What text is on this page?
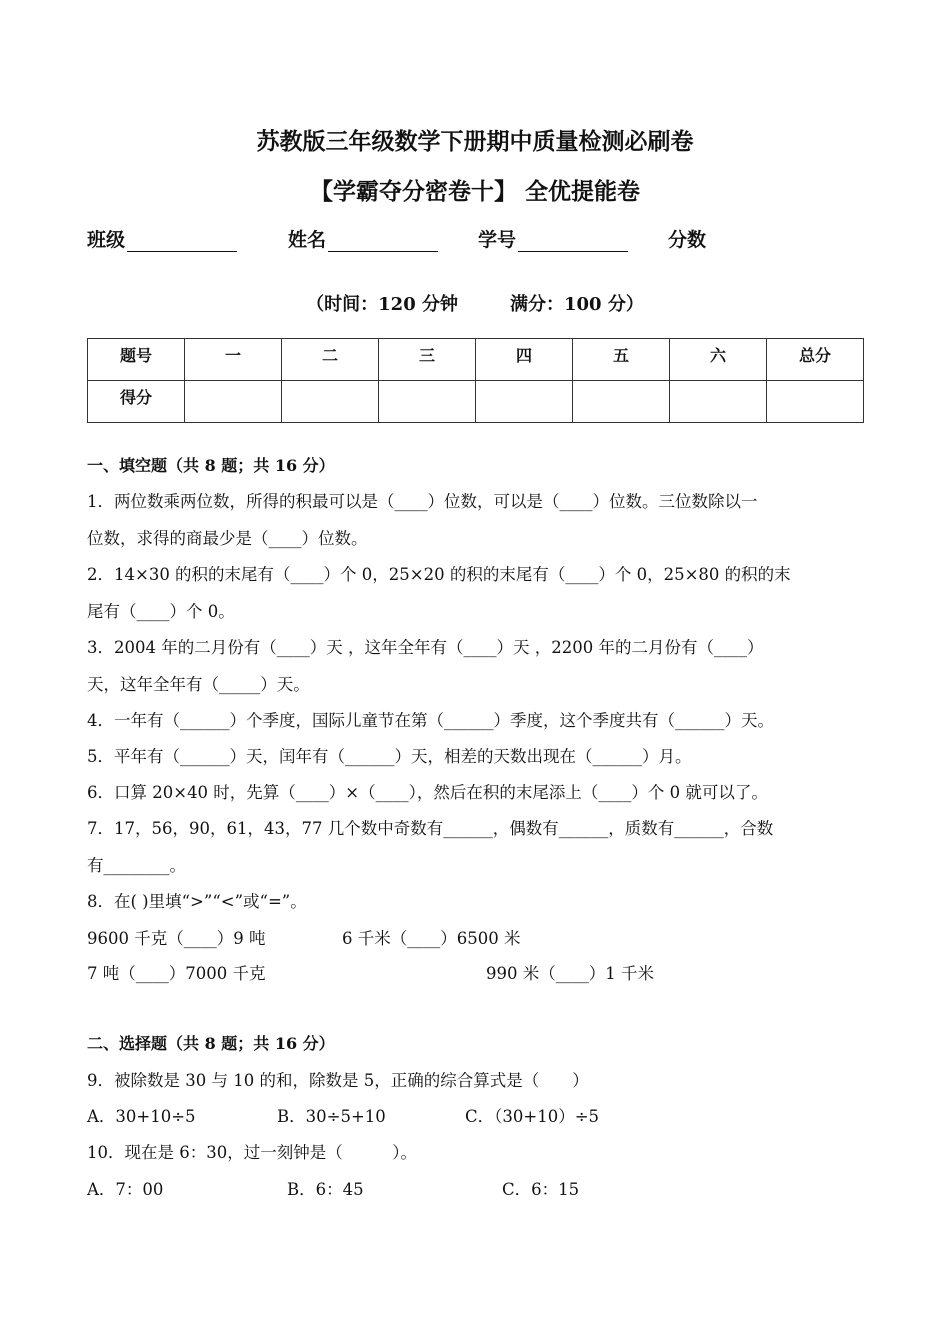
苏教版三年级数学下册期中质量检测必刷卷
【学霸夺分密卷十】 全优提能卷
班级	姓名	学号	分数
（时间：120 分钟	满分：100 分）
题号	一	二	三	四	五	六	总分
得分							
一、填空题（共 8 题；共 16 分）
1．两位数乘两位数，所得的积最可以是（____）位数，可以是（____）位数。三位数除以一
位数，求得的商最少是（____）位数。
2．14×30 的积的末尾有（____）个 0，25×20 的积的末尾有（____）个 0，25×80 的积的末
尾有（____）个 0。
3．2004 年的二月份有（____）天 ，这年全年有（____）天 ，2200 年的二月份有（____）
天，这年全年有（_____）天。
4．一年有（______）个季度，国际儿童节在第（______）季度，这个季度共有（______）天。
5．平年有（______）天，闰年有（______）天，相差的天数出现在（______）月。
6．口算 20×40 时，先算（____）×（____），然后在积的末尾添上（____）个 0 就可以了。
7．17，56，90，61，43，77 几个数中奇数有______，偶数有______，质数有______，合数
有________。
8．在( )里填“>”“<”或“=”。
9600 千克（____）9 吨	6 千米（____）6500 米
7 吨（____）7000 千克	990 米（____）1 千米
二、选择题（共 8 题；共 16 分）
9．被除数是 30 与 10 的和，除数是 5，正确的综合算式是（　　）
A．30+10÷5	B．30÷5+10	C．（30+10）÷5
10．现在是 6：30，过一刻钟是（　　　）。
A．7：00	B．6：45	C．6：15
